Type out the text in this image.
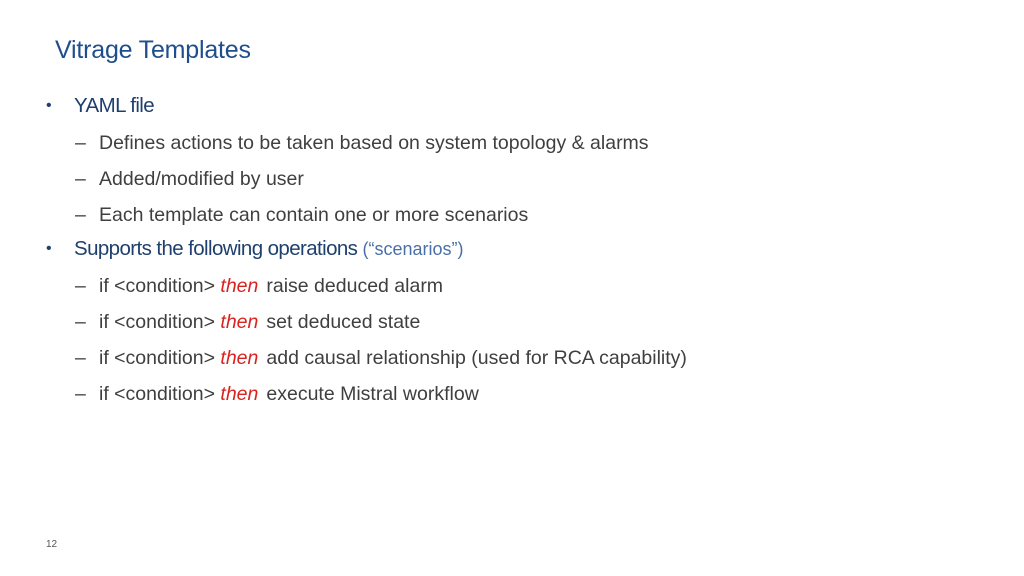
Vitrage Templates
• YAML file
– Defines actions to be taken based on system topology & alarms
– Added/modified by user
– Each template can contain one or more scenarios
• Supports the following operations (“scenarios”)
– if <condition> then raise deduced alarm
– if <condition> then set deduced state
– if <condition> then add causal relationship (used for RCA capability)
– if <condition> then execute Mistral workflow
12
